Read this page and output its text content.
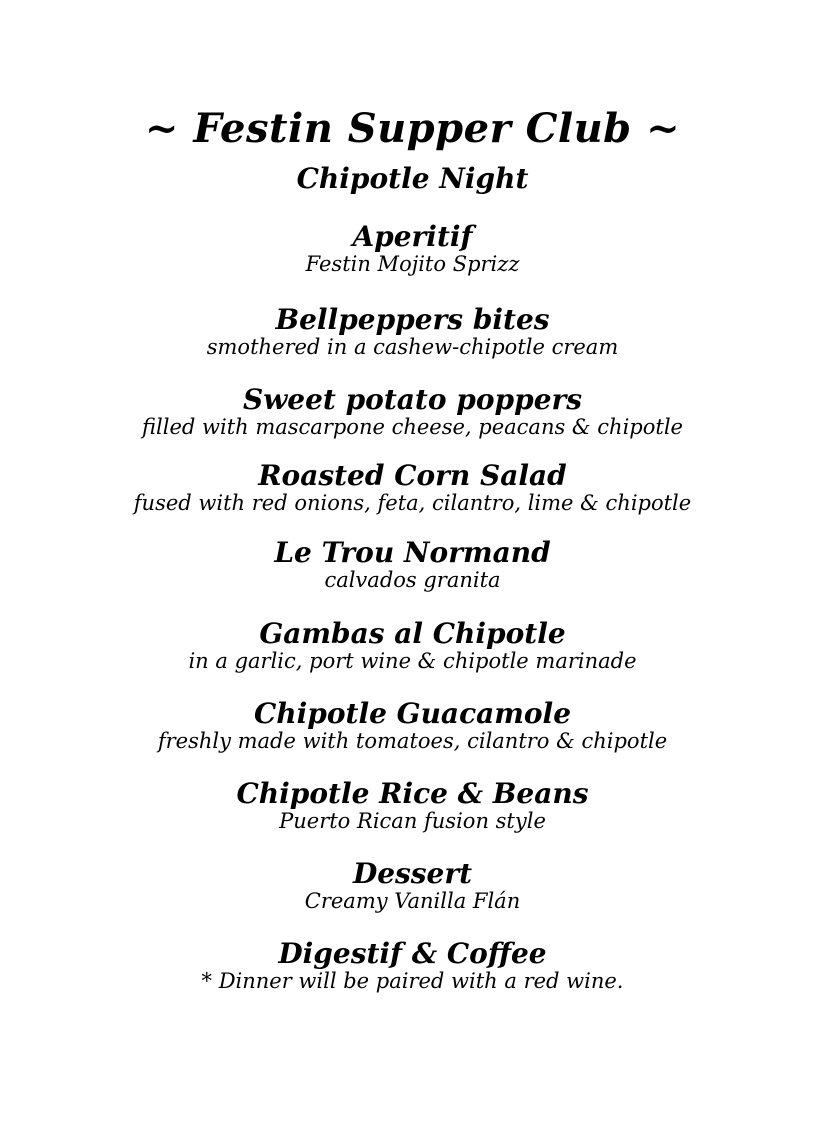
~ Festin Supper Club ~
Chipotle Night
Aperitif
Festin Mojito Sprizz
Bellpeppers bites
smothered in a cashew-chipotle cream
Sweet potato poppers
filled with mascarpone cheese, peacans & chipotle
Roasted Corn Salad
fused with red onions, feta, cilantro, lime & chipotle
Le Trou Normand
calvados granita
Gambas al Chipotle
in a garlic, port wine & chipotle marinade
Chipotle Guacamole
freshly made with tomatoes, cilantro & chipotle
Chipotle Rice & Beans
Puerto Rican fusion style
Dessert
Creamy Vanilla Flán
Digestif & Coffee
* Dinner will be paired with a red wine.
